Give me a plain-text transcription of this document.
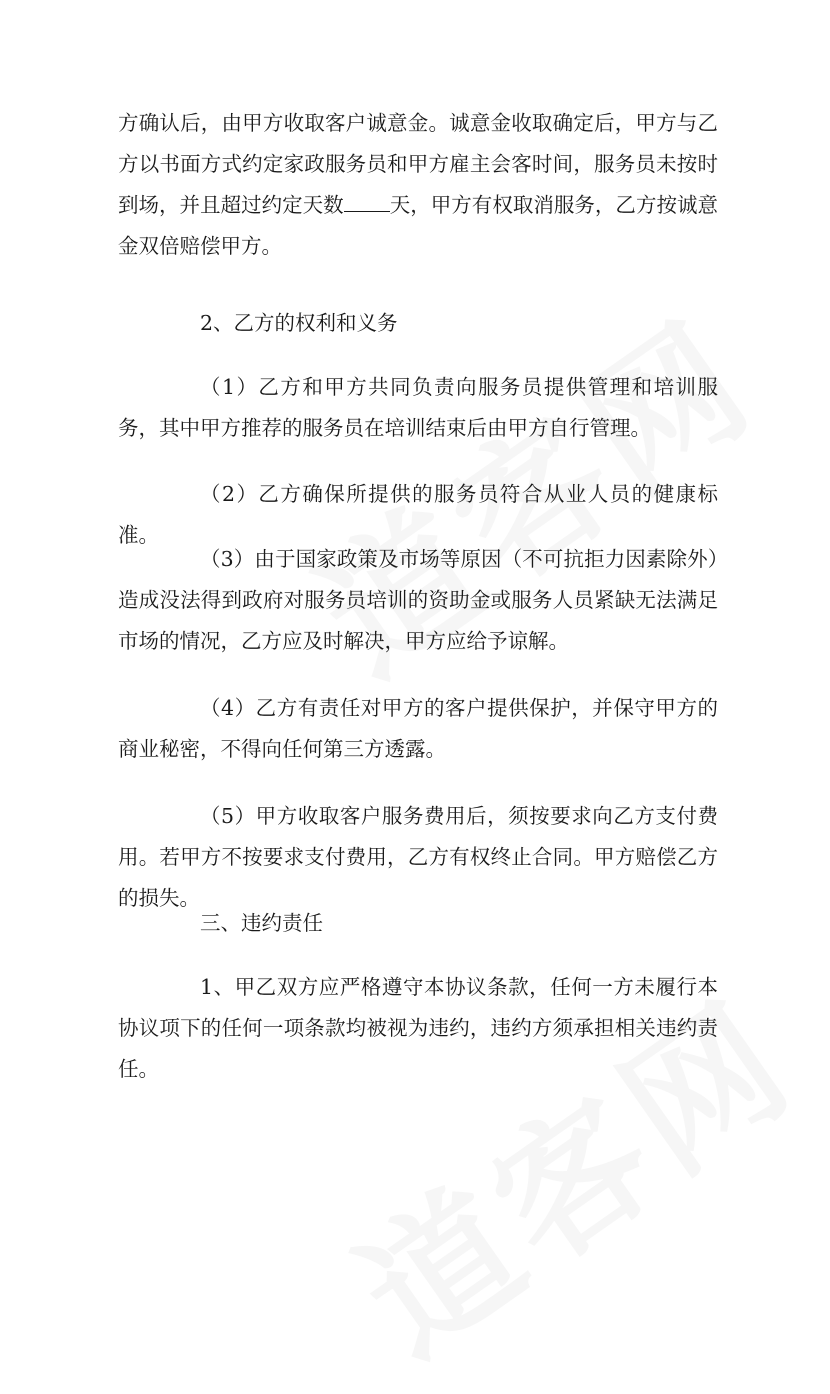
方确认后，由甲方收取客户诚意金。诚意金收取确定后，甲方与乙方以书面方式约定家政服务员和甲方雇主会客时间，服务员未按时到场，并且超过约定天数 天，甲方有权取消服务，乙方按诚意金双倍赔偿甲方。

2、乙方的权利和义务

（1）乙方和甲方共同负责向服务员提供管理和培训服务，其中甲方推荐的服务员在培训结束后由甲方自行管理。

（2）乙方确保所提供的服务员符合从业人员的健康标准。

（3）由于国家政策及市场等原因（不可抗拒力因素除外）造成没法得到政府对服务员培训的资助金或服务人员紧缺无法满足市场的情况，乙方应及时解决，甲方应给予谅解。

（4）乙方有责任对甲方的客户提供保护，并保守甲方的商业秘密，不得向任何第三方透露。

（5）甲方收取客户服务费用后，须按要求向乙方支付费用。若甲方不按要求支付费用，乙方有权终止合同。甲方赔偿乙方的损失。

三、违约责任

1、甲乙双方应严格遵守本协议条款，任何一方未履行本协议项下的任何一项条款均被视为违约，违约方须承担相关违约责任。
